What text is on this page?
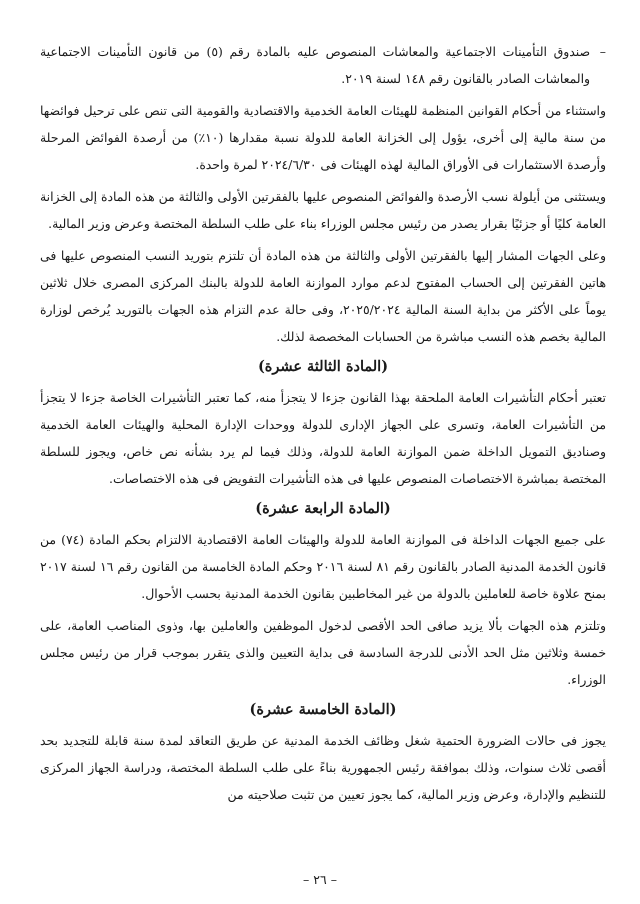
–
صندوق التأمينات الاجتماعية والمعاشات المنصوص عليه بالمادة رقم (٥) من قانون التأمينات الاجتماعية والمعاشات الصادر بالقانون رقم ١٤٨ لسنة ٢٠١٩.

واستثناء من أحكام القوانين المنظمة للهيئات العامة الخدمية والاقتصادية والقومية التى تنص على ترحيل فوائضها من سنة مالية إلى أخرى، يؤول إلى الخزانة العامة للدولة نسبة مقدارها (١٠٪) من أرصدة الفوائض المرحلة وأرصدة الاستثمارات فى الأوراق المالية لهذه الهيئات فى ٢٠٢٤/٦/٣٠ لمرة واحدة.

ويستثنى من أيلولة نسب الأرصدة والفوائض المنصوص عليها بالفقرتين الأولى والثالثة من هذه المادة إلى الخزانة العامة كليًا أو جزئيًا بقرار يصدر من رئيس مجلس الوزراء بناء على طلب السلطة المختصة وعرض وزير المالية.

وعلى الجهات المشار إليها بالفقرتين الأولى والثالثة من هذه المادة أن تلتزم بتوريد النسب المنصوص عليها فى هاتين الفقرتين إلى الحساب المفتوح لدعم موارد الموازنة العامة للدولة بالبنك المركزى المصرى خلال ثلاثين يوماً على الأكثر من بداية السنة المالية ٢٠٢٥/٢٠٢٤، وفى حالة عدم التزام هذه الجهات بالتوريد يُرخص لوزارة المالية بخصم هذه النسب مباشرة من الحسابات المخصصة لذلك.

(المادة الثالثة عشرة)

تعتبر أحكام التأشيرات العامة الملحقة بهذا القانون جزءا لا يتجزأ منه، كما تعتبر التأشيرات الخاصة جزءا لا يتجزأ من التأشيرات العامة، وتسرى على الجهاز الإدارى للدولة ووحدات الإدارة المحلية والهيئات العامة الخدمية وصناديق التمويل الداخلة ضمن الموازنة العامة للدولة، وذلك فيما لم يرد بشأنه نص خاص، ويجوز للسلطة المختصة بمباشرة الاختصاصات المنصوص عليها فى هذه التأشيرات التفويض فى هذه الاختصاصات.

(المادة الرابعة عشرة)

على جميع الجهات الداخلة فى الموازنة العامة للدولة والهيئات العامة الاقتصادية الالتزام بحكم المادة (٧٤) من قانون الخدمة المدنية الصادر بالقانون رقم ٨١ لسنة ٢٠١٦ وحكم المادة الخامسة من القانون رقم ١٦ لسنة ٢٠١٧ بمنح علاوة خاصة للعاملين بالدولة من غير المخاطبين بقانون الخدمة المدنية بحسب الأحوال.

وتلتزم هذه الجهات بألا يزيد صافى الحد الأقصى لدخول الموظفين والعاملين بها، وذوى المناصب العامة، على خمسة وثلاثين مثل الحد الأدنى للدرجة السادسة فى بداية التعيين والذى يتقرر بموجب قرار من رئيس مجلس الوزراء.

(المادة الخامسة عشرة)

يجوز فى حالات الضرورة الحتمية شغل وظائف الخدمة المدنية عن طريق التعاقد لمدة سنة قابلة للتجديد بحد أقصى ثلاث سنوات، وذلك بموافقة رئيس الجمهورية بناءً على طلب السلطة المختصة، ودراسة الجهاز المركزى للتنظيم والإدارة، وعرض وزير المالية، كما يجوز تعيين من تثبت صلاحيته من

– ٢٦ –
